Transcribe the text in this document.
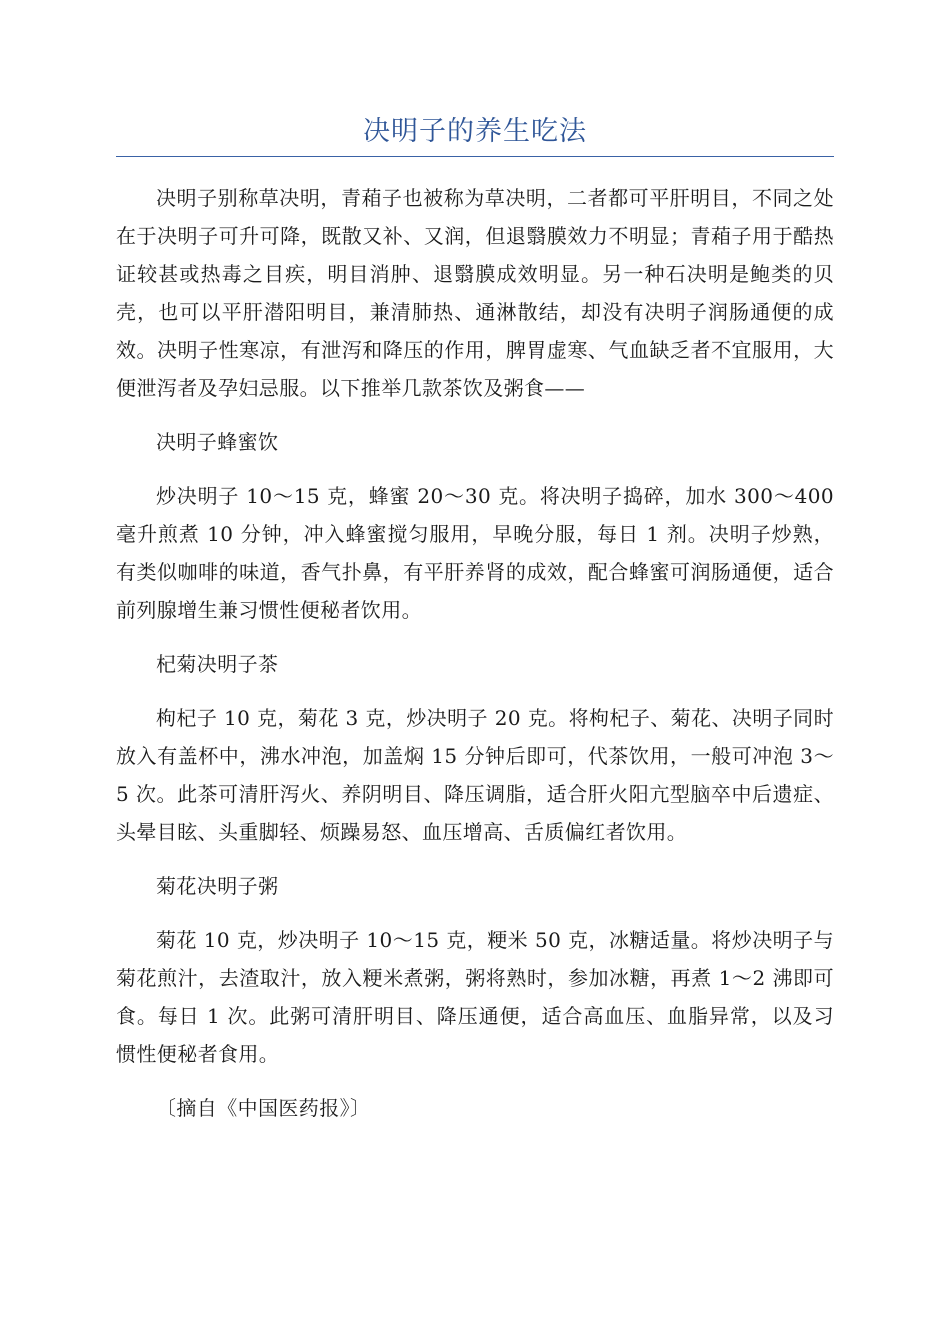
决明子的养生吃法

决明子别称草决明，青葙子也被称为草决明，二者都可平肝明目，不同之处在于决明子可升可降，既散又补、又润，但退翳膜效力不明显；青葙子用于酷热证较甚或热毒之目疾，明目消肿、退翳膜成效明显。另一种石决明是鲍类的贝壳，也可以平肝潜阳明目，兼清肺热、通淋散结，却没有决明子润肠通便的成效。决明子性寒凉，有泄泻和降压的作用，脾胃虚寒、气血缺乏者不宜服用，大便泄泻者及孕妇忌服。以下推举几款茶饮及粥食——

决明子蜂蜜饮

炒决明子 10～15 克，蜂蜜 20～30 克。将决明子捣碎，加水 300～400 毫升煎煮 10 分钟，冲入蜂蜜搅匀服用，早晚分服，每日 1 剂。决明子炒熟，有类似咖啡的味道，香气扑鼻，有平肝养肾的成效，配合蜂蜜可润肠通便，适合前列腺增生兼习惯性便秘者饮用。

杞菊决明子茶

枸杞子 10 克，菊花 3 克，炒决明子 20 克。将枸杞子、菊花、决明子同时放入有盖杯中，沸水冲泡，加盖焖 15 分钟后即可，代茶饮用，一般可冲泡 3～5 次。此茶可清肝泻火、养阴明目、降压调脂，适合肝火阳亢型脑卒中后遗症、头晕目眩、头重脚轻、烦躁易怒、血压增高、舌质偏红者饮用。

菊花决明子粥

菊花 10 克，炒决明子 10～15 克，粳米 50 克，冰糖适量。将炒决明子与菊花煎汁，去渣取汁，放入粳米煮粥，粥将熟时，参加冰糖，再煮 1～2 沸即可食。每日 1 次。此粥可清肝明目、降压通便，适合高血压、血脂异常，以及习惯性便秘者食用。

〔摘自《中国医药报》〕
